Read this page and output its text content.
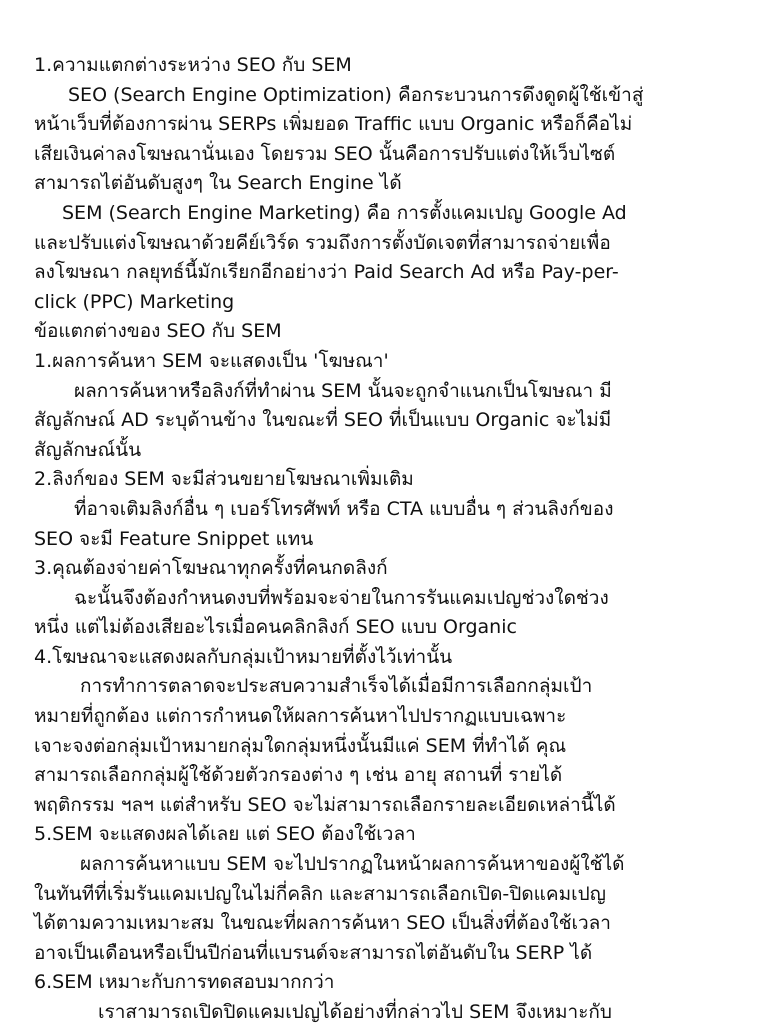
1.ความแตกต่างระหว่าง SEO กับ SEM
SEO (Search Engine Optimization) คือกระบวนการดึงดูดผู้ใช้เข้าสู่
หน้าเว็บที่ต้องการผ่าน SERPs เพิ่มยอด Traffic แบบ Organic หรือก็คือไม่
เสียเงินค่าลงโฆษณานั่นเอง โดยรวม SEO นั้นคือการปรับแต่งให้เว็บไซต์
สามารถไต่อันดับสูงๆ ใน Search Engine ได้
SEM (Search Engine Marketing) คือ การตั้งแคมเปญ Google Ad
และปรับแต่งโฆษณาด้วยคีย์เวิร์ด รวมถึงการตั้งบัดเจตที่สามารถจ่ายเพื่อ
ลงโฆษณา กลยุทธ์นี้มักเรียกอีกอย่างว่า Paid Search Ad หรือ Pay-per-
click (PPC) Marketing
ข้อแตกต่างของ SEO กับ SEM
1.ผลการค้นหา SEM จะแสดงเป็น 'โฆษณา'
ผลการค้นหาหรือลิงก์ที่ทำผ่าน SEM นั้นจะถูกจำแนกเป็นโฆษณา มี
สัญลักษณ์ AD ระบุด้านข้าง ในขณะที่ SEO ที่เป็นแบบ Organic จะไม่มี
สัญลักษณ์นั้น
2.ลิงก์ของ SEM จะมีส่วนขยายโฆษณาเพิ่มเติม
ที่อาจเติมลิงก์อื่น ๆ เบอร์โทรศัพท์ หรือ CTA แบบอื่น ๆ ส่วนลิงก์ของ
SEO จะมี Feature Snippet แทน
3.คุณต้องจ่ายค่าโฆษณาทุกครั้งที่คนกดลิงก์
ฉะนั้นจึงต้องกำหนดงบที่พร้อมจะจ่ายในการรันแคมเปญช่วงใดช่วง
หนึ่ง แต่ไม่ต้องเสียอะไรเมื่อคนคลิกลิงก์ SEO แบบ Organic
4.โฆษณาจะแสดงผลกับกลุ่มเป้าหมายที่ตั้งไว้เท่านั้น
การทำการตลาดจะประสบความสำเร็จได้เมื่อมีการเลือกกลุ่มเป้า
หมายที่ถูกต้อง แต่การกำหนดให้ผลการค้นหาไปปรากฏแบบเฉพาะ
เจาะจงต่อกลุ่มเป้าหมายกลุ่มใดกลุ่มหนึ่งนั้นมีแค่ SEM ที่ทำได้ คุณ
สามารถเลือกกลุ่มผู้ใช้ด้วยตัวกรองต่าง ๆ เช่น อายุ สถานที่ รายได้
พฤติกรรม ฯลฯ แต่สำหรับ SEO จะไม่สามารถเลือกรายละเอียดเหล่านี้ได้
5.SEM จะแสดงผลได้เลย แต่ SEO ต้องใช้เวลา
ผลการค้นหาแบบ SEM จะไปปรากฏในหน้าผลการค้นหาของผู้ใช้ได้
ในทันทีที่เริ่มรันแคมเปญในไม่กี่คลิก และสามารถเลือกเปิด-ปิดแคมเปญ
ได้ตามความเหมาะสม ในขณะที่ผลการค้นหา SEO เป็นสิ่งที่ต้องใช้เวลา
อาจเป็นเดือนหรือเป็นปีก่อนที่แบรนด์จะสามารถไต่อันดับใน SERP ได้
6.SEM เหมาะกับการทดสอบมากกว่า
เราสามารถเปิดปิดแคมเปญได้อย่างที่กล่าวไป SEM จึงเหมาะกับ
